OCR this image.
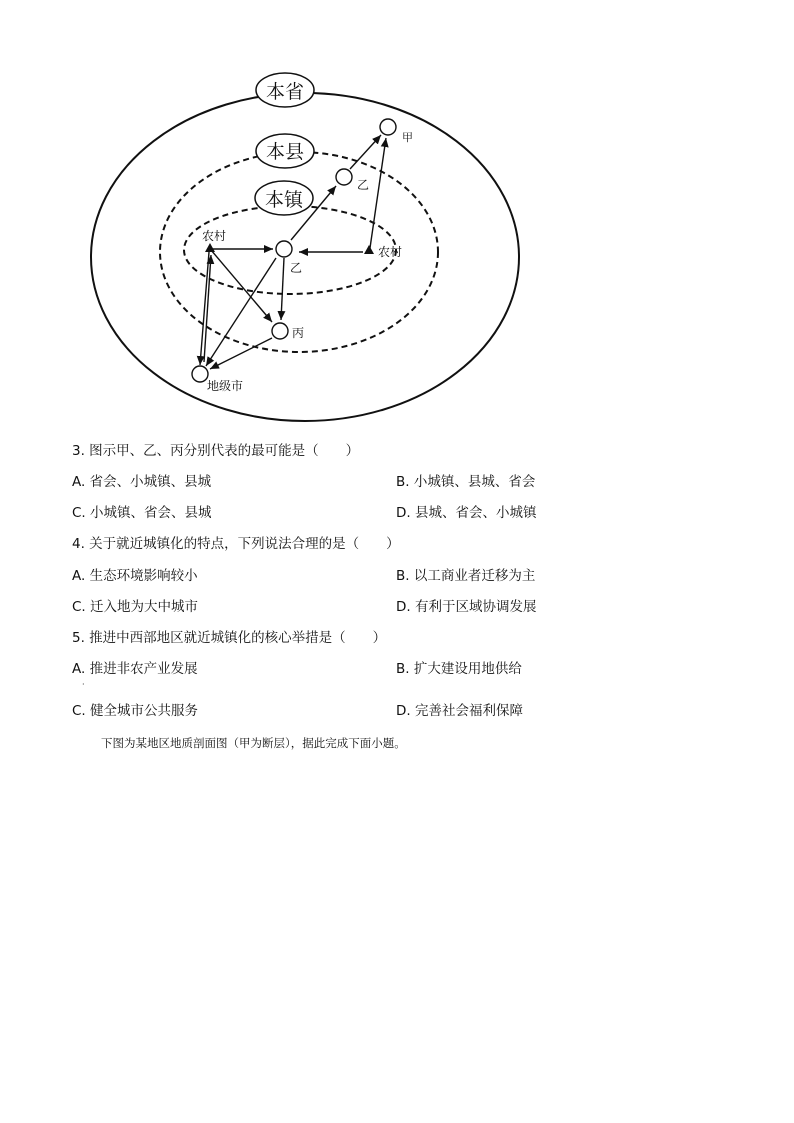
本省
本县
本镇
甲
乙
乙
丙
农村
农村
地级市
3. 图示甲、乙、丙分别代表的最可能是（　　）
A. 省会、小城镇、县城	B. 小城镇、县城、省会
C. 小城镇、省会、县城	D. 县城、省会、小城镇
4. 关于就近城镇化的特点，下列说法合理的是（　　）
A. 生态环境影响较小	B. 以工商业者迁移为主
C. 迁入地为大中城市	D. 有利于区域协调发展
5. 推进中西部地区就近城镇化的核心举措是（　　）
A. 推进非农产业发展
·
B. 扩大建设用地供给
C. 健全城市公共服务	D. 完善社会福利保障
下图为某地区地质剖面图（甲为断层），据此完成下面小题。
